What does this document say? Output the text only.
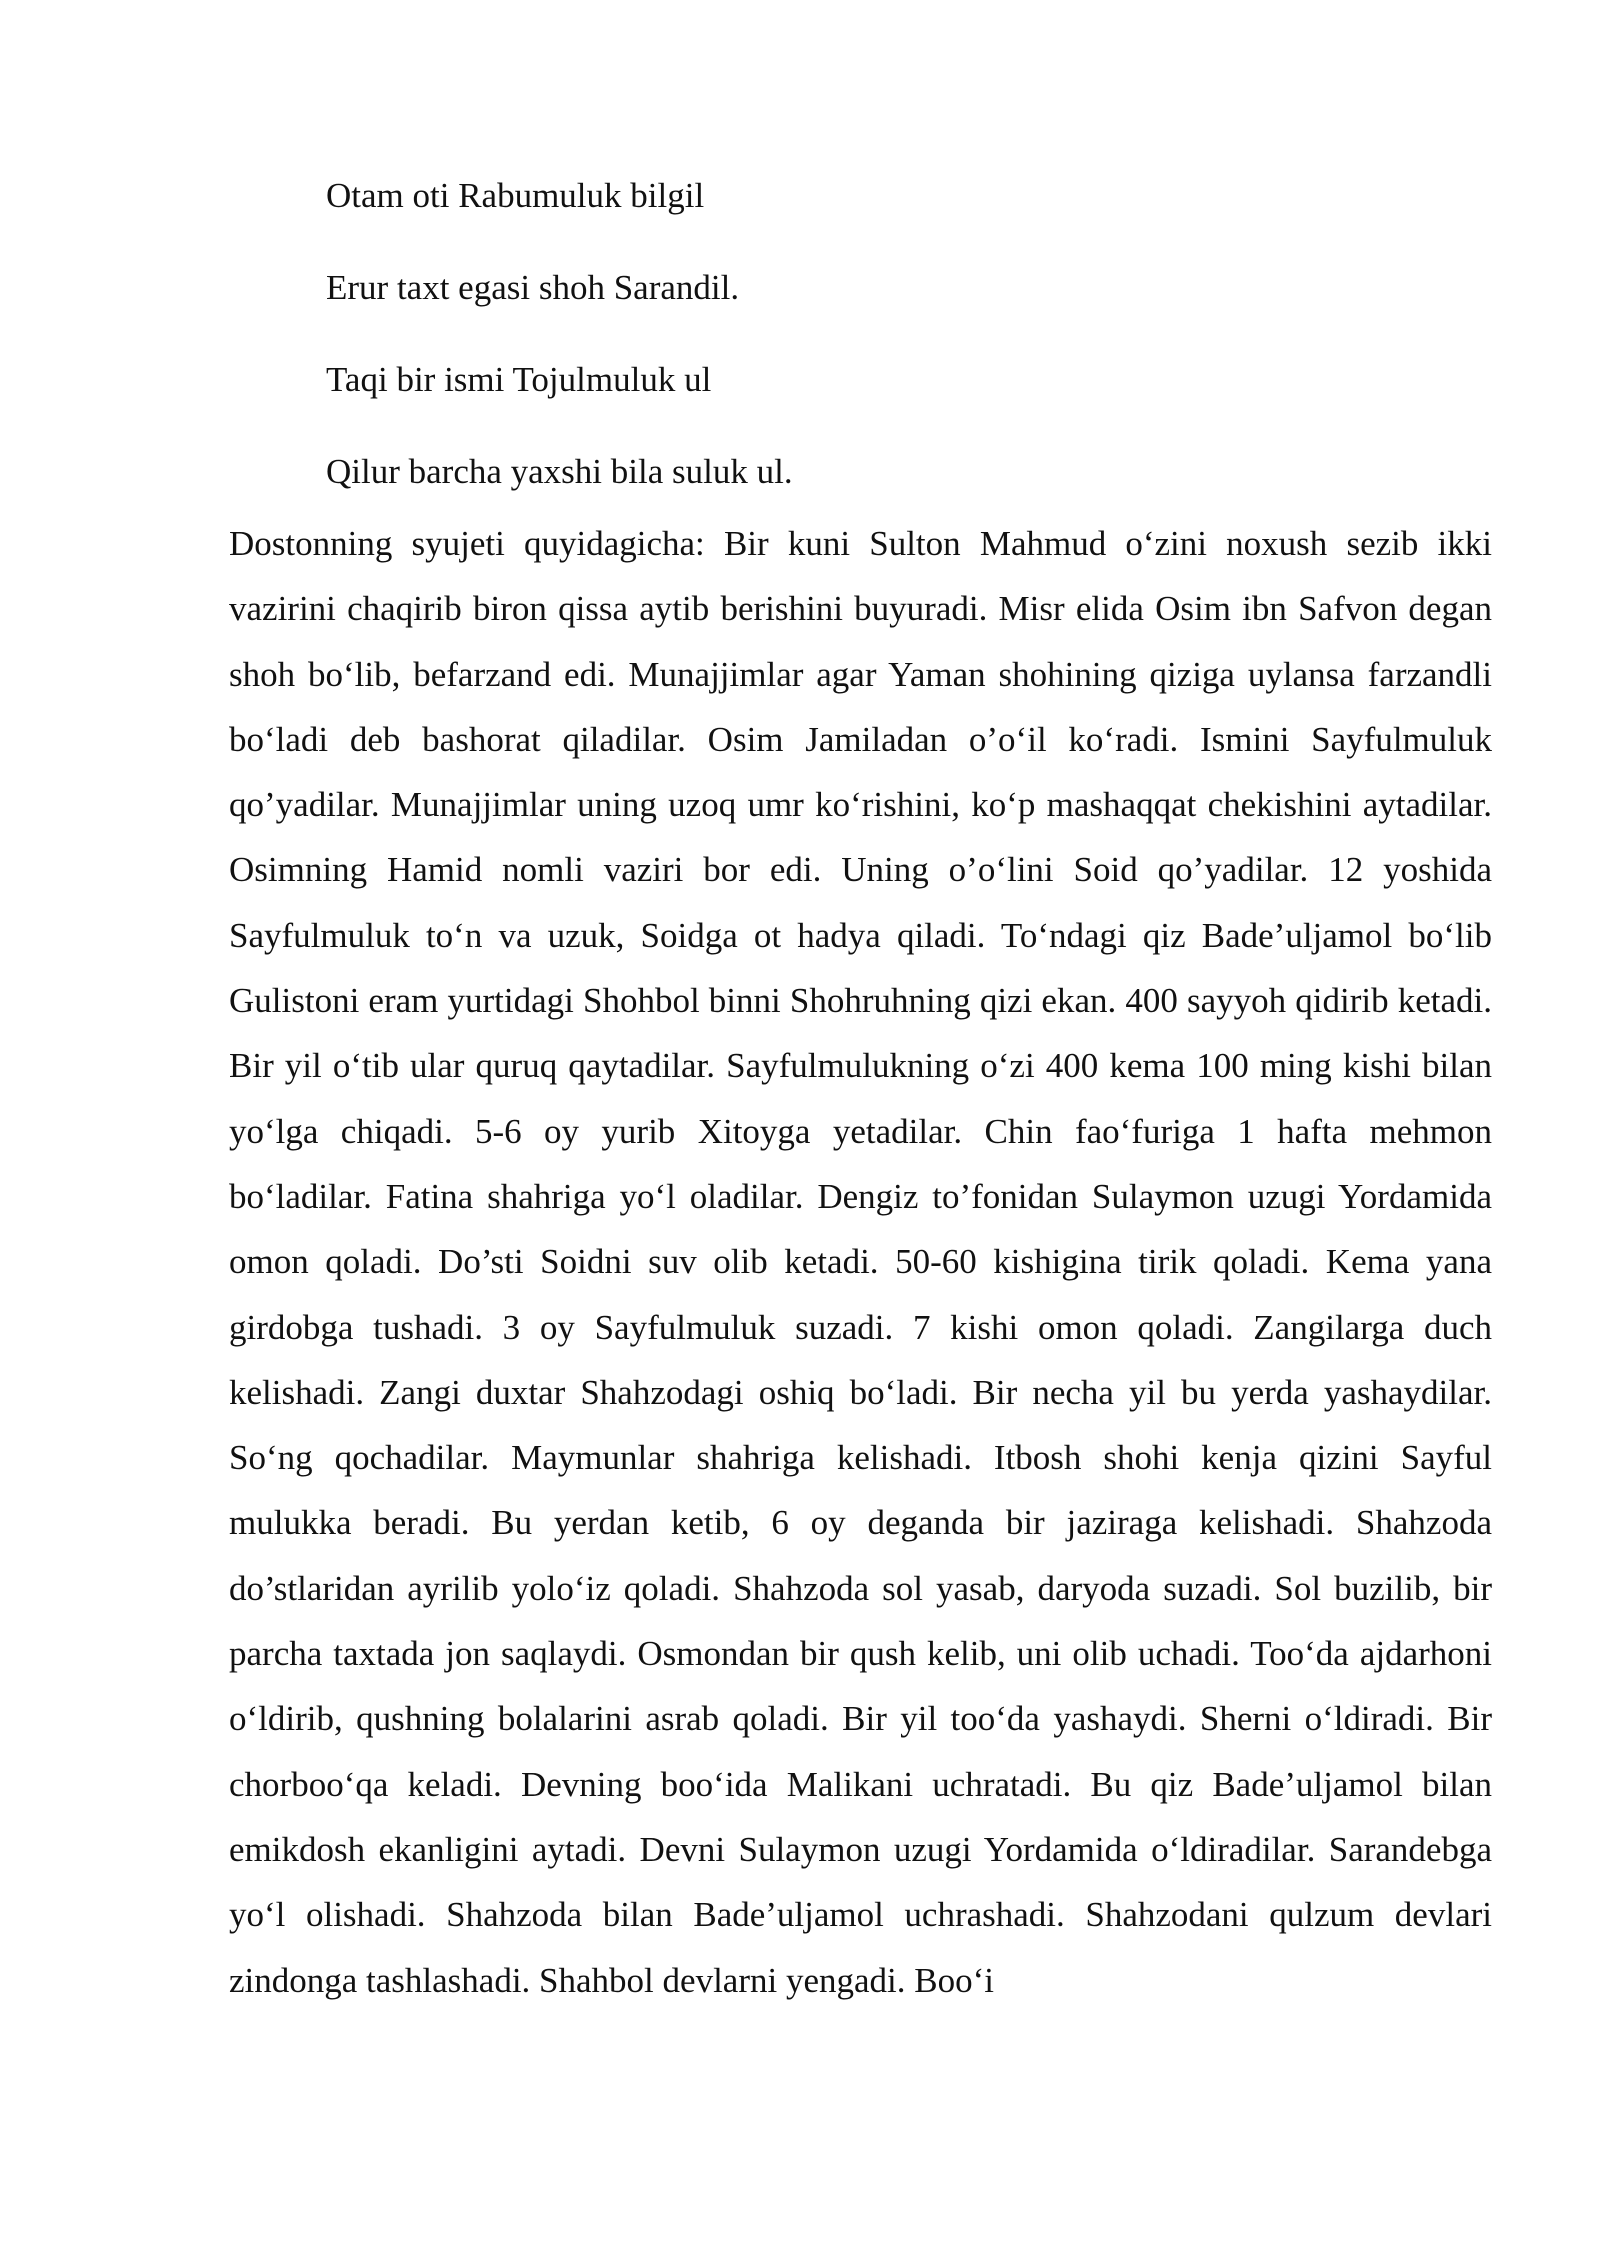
Otam oti Rabumuluk bilgil
Erur taxt egasi shoh Sarandil.
Taqi bir ismi Tojulmuluk ul
Qilur barcha yaxshi bila suluk ul.

Dostonning syujeti quyidagicha: Bir kuni Sulton Mahmud o‘zini noxush sezib ikki vazirini chaqirib biron qissa aytib berishini buyuradi. Misr elida Osim ibn Safvon degan shoh bo‘lib, befarzand edi. Munajjimlar agar Yaman shohining qiziga uylansa farzandli bo‘ladi deb bashorat qiladilar. Osim Jamiladan o’o‘il ko‘radi. Ismini Sayfulmuluk qo’yadilar. Munajjimlar uning uzoq umr ko‘rishini, ko‘p mashaqqat chekishini aytadilar. Osimning Hamid nomli vaziri bor edi. Uning o’o‘lini Soid qo’yadilar. 12 yoshida Sayfulmuluk to‘n va uzuk, Soidga ot hadya qiladi. To‘ndagi qiz Bade’uljamol bo‘lib Gulistoni eram yurtidagi Shohbol binni Shohruhning qizi ekan. 400 sayyoh qidirib ketadi. Bir yil o‘tib ular quruq qaytadilar. Sayfulmulukning o‘zi 400 kema 100 ming kishi bilan yo‘lga chiqadi. 5-6 oy yurib Xitoyga yetadilar. Chin fao‘furiga 1 hafta mehmon bo‘ladilar. Fatina shahriga yo‘l oladilar. Dengiz to’fonidan Sulaymon uzugi Yordamida omon qoladi. Do’sti Soidni suv olib ketadi. 50-60 kishigina tirik qoladi. Kema yana girdobga tushadi. 3 oy Sayfulmuluk suzadi. 7 kishi omon qoladi. Zangilarga duch kelishadi. Zangi duxtar Shahzodagi oshiq bo‘ladi. Bir necha yil bu yerda yashaydilar. So‘ng qochadilar. Maymunlar shahriga kelishadi. Itbosh shohi kenja qizini Sayful mulukka beradi. Bu yerdan ketib, 6 oy deganda bir jaziraga kelishadi. Shahzoda do’stlaridan ayrilib yolo‘iz qoladi. Shahzoda sol yasab, daryoda suzadi. Sol buzilib, bir parcha taxtada jon saqlaydi. Osmondan bir qush kelib, uni olib uchadi. Too‘da ajdarhoni o‘ldirib, qushning bolalarini asrab qoladi. Bir yil too‘da yashaydi. Sherni o‘ldiradi. Bir chorboo‘qa keladi. Devning boo‘ida Malikani uchratadi. Bu qiz Bade’uljamol bilan emikdosh ekanligini aytadi. Devni Sulaymon uzugi Yordamida o‘ldiradilar. Sarandebga yo‘l olishadi. Shahzoda bilan Bade’uljamol uchrashadi. Shahzodani qulzum devlari zindonga tashlashadi. Shahbol devlarni yengadi. Boo‘i
